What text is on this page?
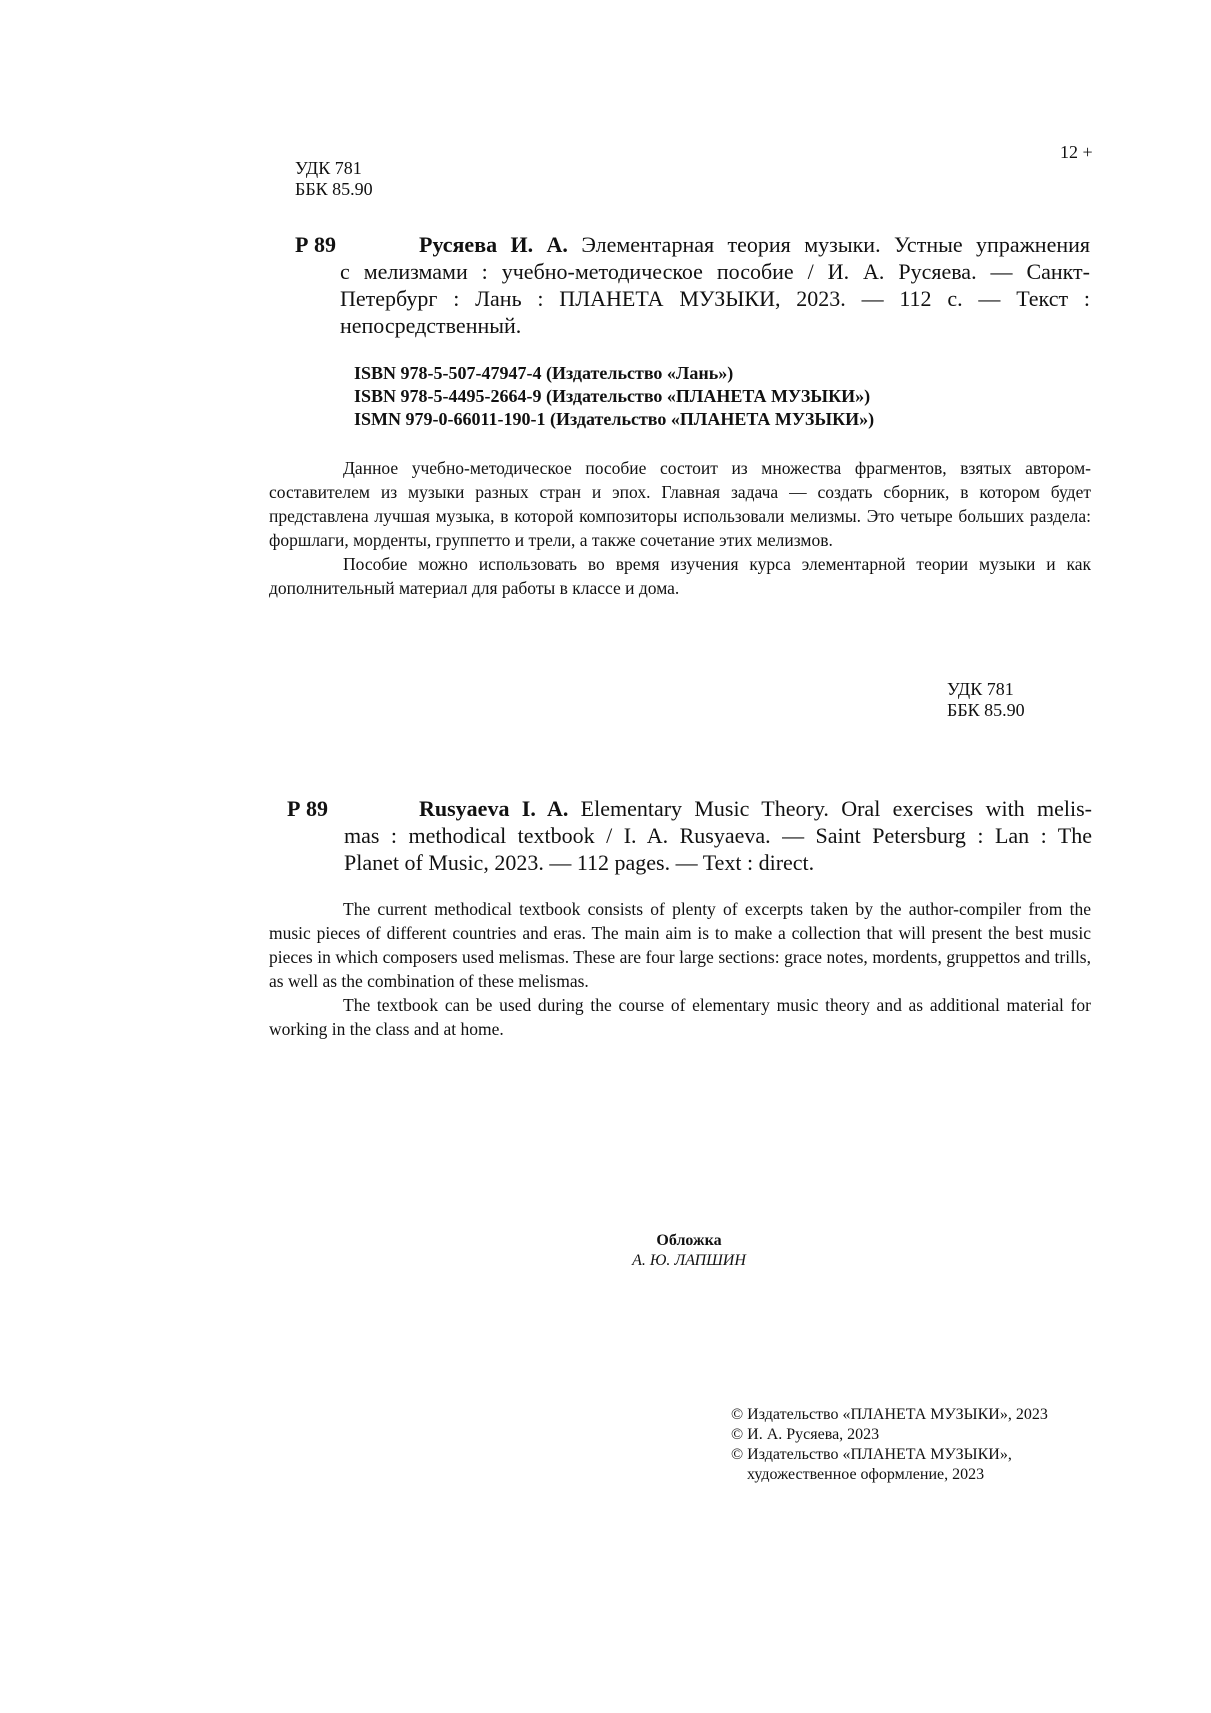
12 +
УДК 781
ББК 85.90
Р 89	Русяева И. А. Элементарная теория музыки. Устные упражнения
с мелизмами : учебно-методическое пособие / И. А. Русяева. — Санкт-
Петербург : Лань : ПЛАНЕТА МУЗЫКИ, 2023. — 112 с. — Текст :
непосредственный.
ISBN 978-5-507-47947-4 (Издательство «Лань»)
ISBN 978-5-4495-2664-9 (Издательство «ПЛАНЕТА МУЗЫКИ»)
ISMN 979-0-66011-190-1 (Издательство «ПЛАНЕТА МУЗЫКИ»)

Данное учебно-методическое пособие состоит из множества фрагментов, взятых автором-составителем из музыки разных стран и эпох. Главная задача — создать сборник, в котором будет представлена лучшая музыка, в которой композиторы использовали мелизмы. Это четыре больших раздела: форшлаги, морденты, группетто и трели, а также сочетание этих мелизмов.

Пособие можно использовать во время изучения курса элементарной теории музыки и как дополнительный материал для работы в классе и дома.

УДК 781
ББК 85.90
Р 89	Rusyaeva I. A. Elementary Music Theory. Oral exercises with melis-
mas : methodical textbook / I. A. Rusyaeva. — Saint Petersburg : Lan : The
Planet of Music, 2023. — 112 pages. — Text : direct.

The current methodical textbook consists of plenty of excerpts taken by the author-compiler from the music pieces of different countries and eras. The main aim is to make a collection that will present the best music pieces in which composers used melismas. These are four large sections: grace notes, mordents, gruppettos and trills, as well as the combination of these melismas.

The textbook can be used during the course of elementary music theory and as additional material for working in the class and at home.

Обложка
А. Ю. ЛАПШИН
© Издательство «ПЛАНЕТА МУЗЫКИ», 2023
© И. А. Русяева, 2023
© Издательство «ПЛАНЕТА МУЗЫКИ»,
художественное оформление, 2023
